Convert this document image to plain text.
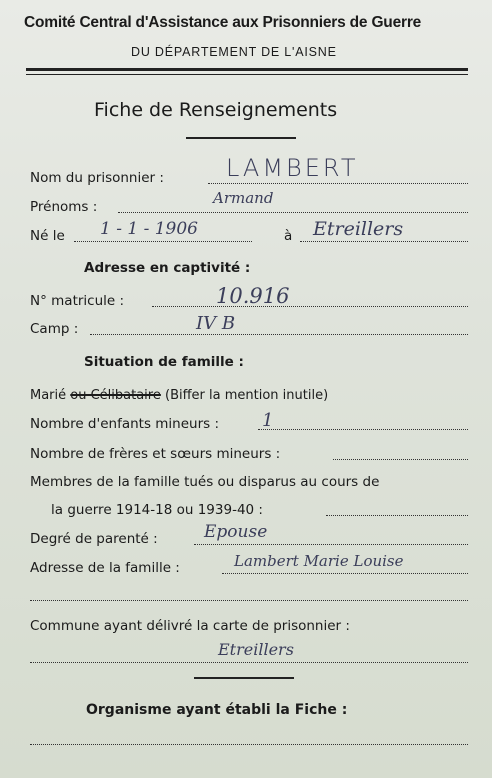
Comité Central d'Assistance aux Prisonniers de Guerre
DU DÉPARTEMENT DE L'AISNE
Fiche de Renseignements
Nom du prisonnier :	LAMBERT
Prénoms :	Armand
Né le 1 - 1 - 1906	à Etreillers
Adresse en captivité :
N° matricule :	10.916
Camp :	IV B
Situation de famille :
Marié ou Célibataire (Biffer la mention inutile)
Nombre d'enfants mineurs : 1
Nombre de frères et sœurs mineurs :
Membres de la famille tués ou disparus au cours de
la guerre 1914-18 ou 1939-40 :
Degré de parenté :	Epouse
Adresse de la famille :	Lambert Marie Louise
Commune ayant délivré la carte de prisonnier :
Etreillers
Organisme ayant établi la Fiche :
